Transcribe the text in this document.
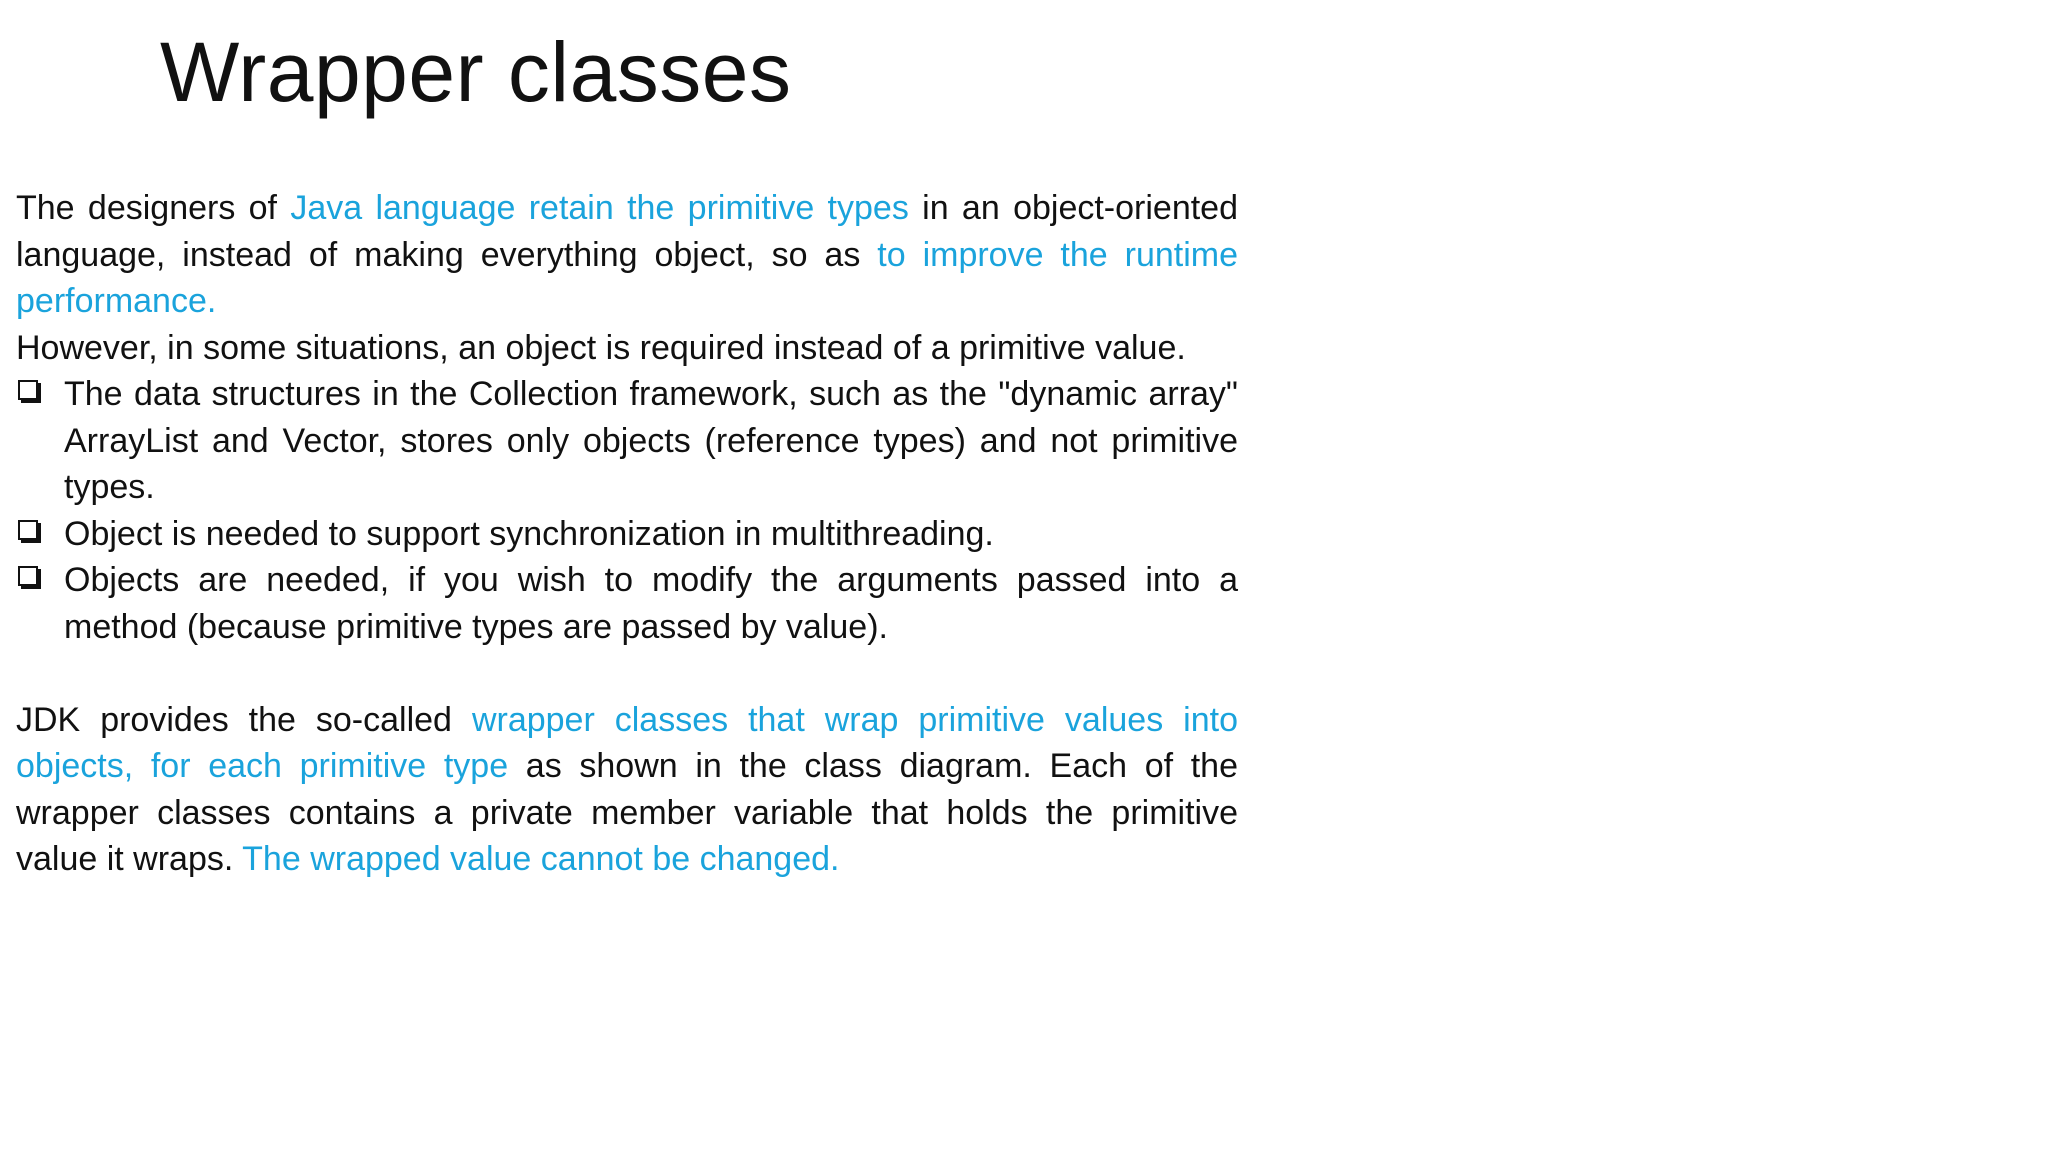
Wrapper classes

The designers of Java language retain the primitive types in an object-oriented language, instead of making everything object, so as to improve the runtime performance.

However, in some situations, an object is required instead of a primitive value.

The data structures in the Collection framework, such as the "dynamic array" ArrayList and Vector, stores only objects (reference types) and not primitive types.
Object is needed to support synchronization in multithreading.
Objects are needed, if you wish to modify the arguments passed into a method (because primitive types are passed by value).

JDK provides the so-called wrapper classes that wrap primitive values into objects, for each primitive type as shown in the class diagram. Each of the wrapper classes contains a private member variable that holds the primitive value it wraps. The wrapped value cannot be changed.
